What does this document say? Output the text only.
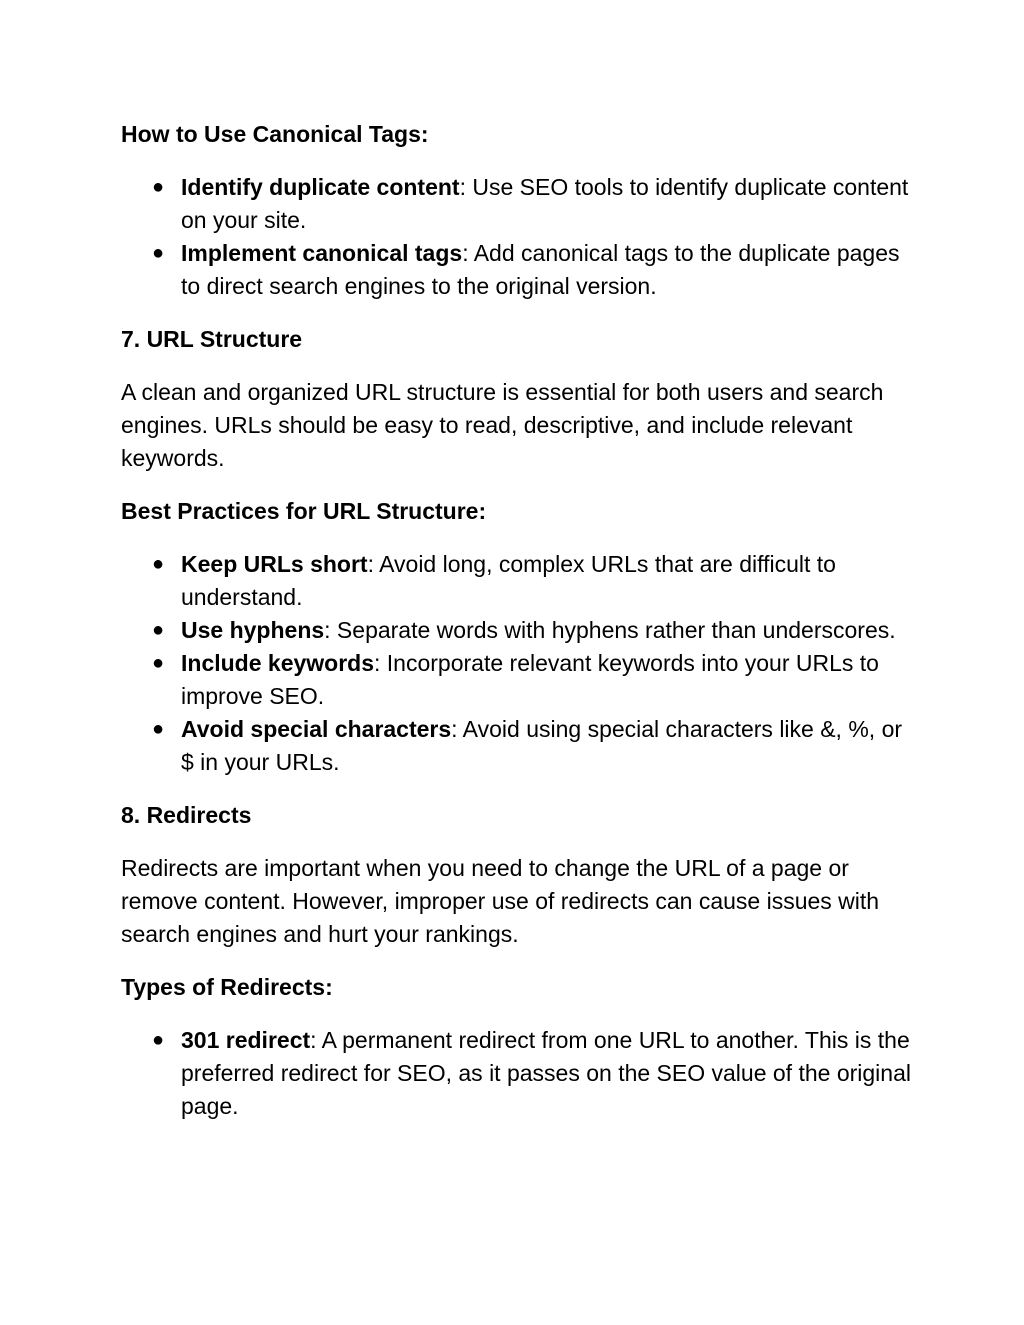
How to Use Canonical Tags:

● Identify duplicate content: Use SEO tools to identify duplicate content on your site.
● Implement canonical tags: Add canonical tags to the duplicate pages to direct search engines to the original version.

7. URL Structure

A clean and organized URL structure is essential for both users and search engines. URLs should be easy to read, descriptive, and include relevant keywords.

Best Practices for URL Structure:

● Keep URLs short: Avoid long, complex URLs that are difficult to understand.
● Use hyphens: Separate words with hyphens rather than underscores.
● Include keywords: Incorporate relevant keywords into your URLs to improve SEO.
● Avoid special characters: Avoid using special characters like &, %, or $ in your URLs.

8. Redirects

Redirects are important when you need to change the URL of a page or remove content. However, improper use of redirects can cause issues with search engines and hurt your rankings.

Types of Redirects:

● 301 redirect: A permanent redirect from one URL to another. This is the preferred redirect for SEO, as it passes on the SEO value of the original page.
